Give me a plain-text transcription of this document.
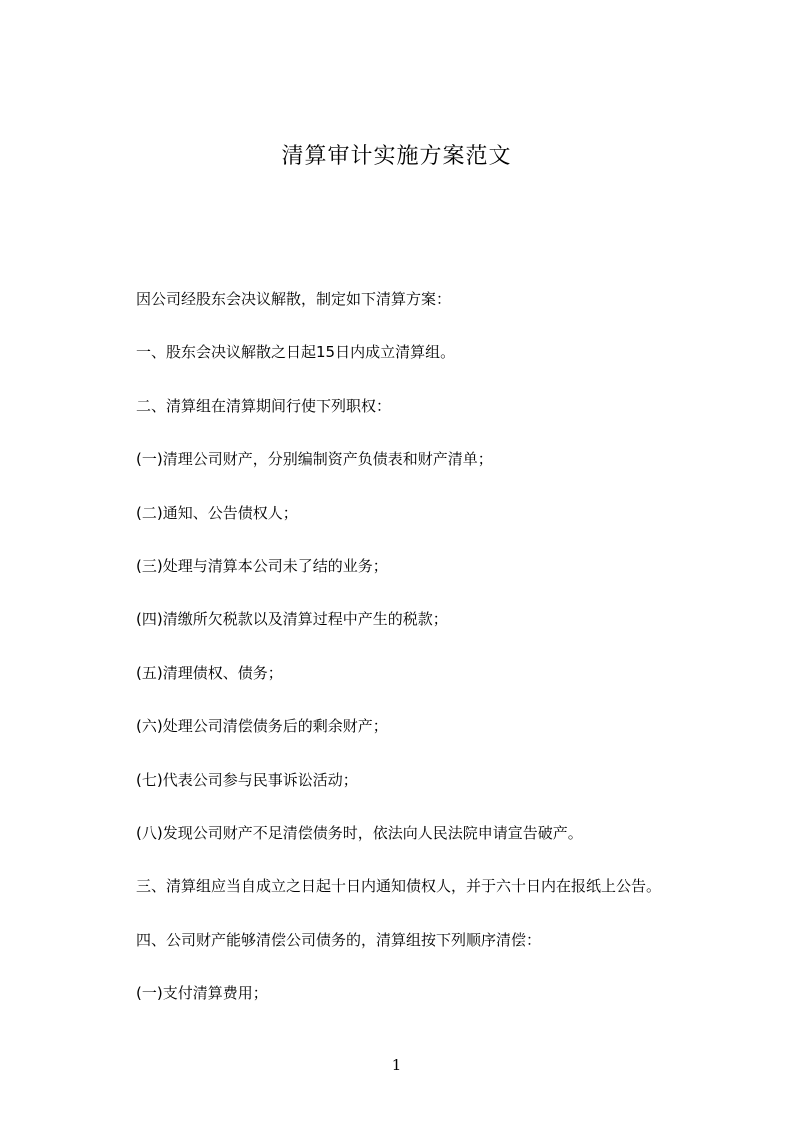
清算审计实施方案范文

因公司经股东会决议解散，制定如下清算方案：

一、股东会决议解散之日起15日内成立清算组。

二、清算组在清算期间行使下列职权：

(一)清理公司财产，分别编制资产负债表和财产清单；

(二)通知、公告债权人；

(三)处理与清算本公司未了结的业务；

(四)清缴所欠税款以及清算过程中产生的税款；

(五)清理债权、债务；

(六)处理公司清偿债务后的剩余财产；

(七)代表公司参与民事诉讼活动；

(八)发现公司财产不足清偿债务时，依法向人民法院申请宣告破产。

三、清算组应当自成立之日起十日内通知债权人，并于六十日内在报纸上公告。

四、公司财产能够清偿公司债务的，清算组按下列顺序清偿：

(一)支付清算费用；

1
